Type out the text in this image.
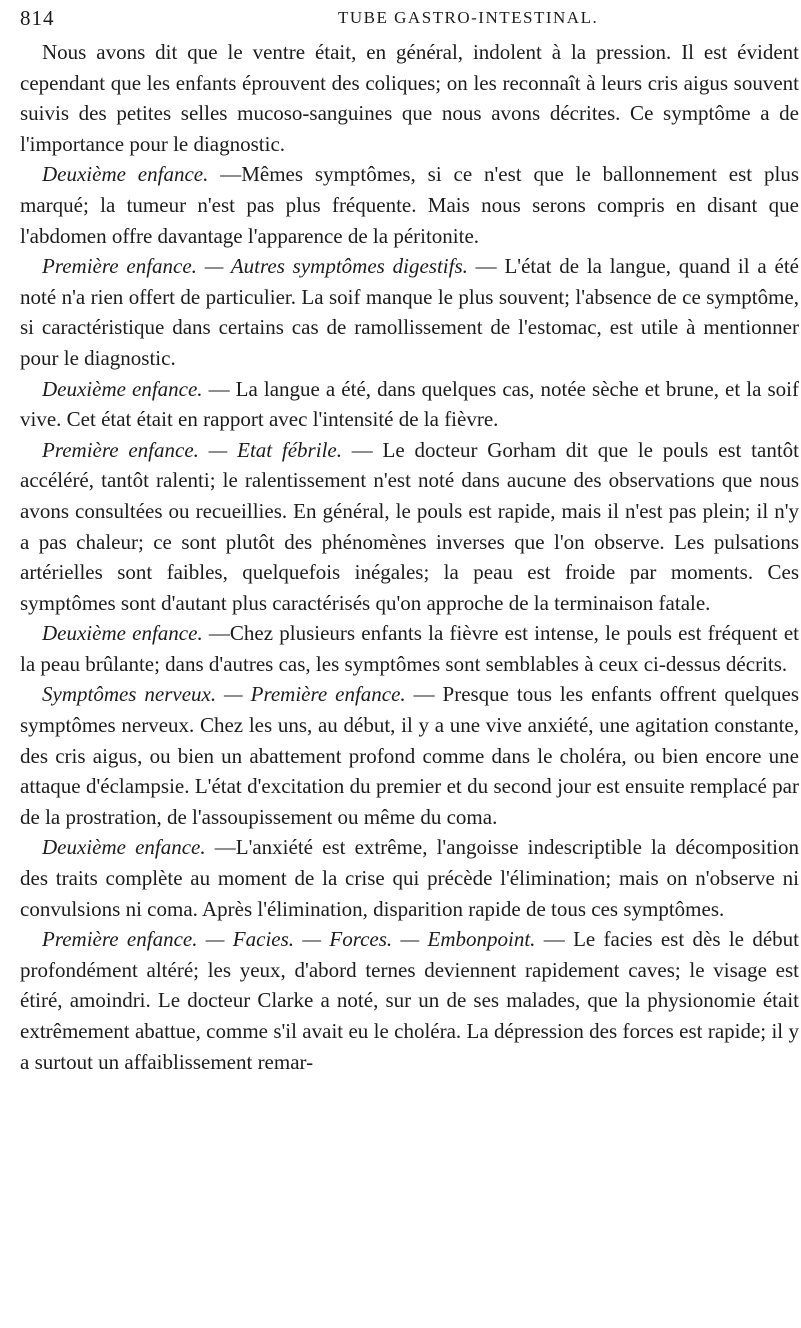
814	TUBE GASTRO-INTESTINAL.

Nous avons dit que le ventre était, en général, indolent à la pression. Il est évident cependant que les enfants éprouvent des coliques; on les reconnaît à leurs cris aigus souvent suivis des petites selles mucoso-sanguines que nous avons décrites. Ce symptôme a de l'importance pour le diagnostic.

Deuxième enfance. —Mêmes symptômes, si ce n'est que le ballonnement est plus marqué; la tumeur n'est pas plus fréquente. Mais nous serons compris en disant que l'abdomen offre davantage l'apparence de la péritonite.

Première enfance. — Autres symptômes digestifs. — L'état de la langue, quand il a été noté n'a rien offert de particulier. La soif manque le plus souvent; l'absence de ce symptôme, si caractéristique dans certains cas de ramollissement de l'estomac, est utile à mentionner pour le diagnostic.

Deuxième enfance. — La langue a été, dans quelques cas, notée sèche et brune, et la soif vive. Cet état était en rapport avec l'intensité de la fièvre.

Première enfance. — Etat fébrile. — Le docteur Gorham dit que le pouls est tantôt accéléré, tantôt ralenti; le ralentissement n'est noté dans aucune des observations que nous avons consultées ou recueillies. En général, le pouls est rapide, mais il n'est pas plein; il n'y a pas chaleur; ce sont plutôt des phénomènes inverses que l'on observe. Les pulsations artérielles sont faibles, quelquefois inégales; la peau est froide par moments. Ces symptômes sont d'autant plus caractérisés qu'on approche de la terminaison fatale.

Deuxième enfance. —Chez plusieurs enfants la fièvre est intense, le pouls est fréquent et la peau brûlante; dans d'autres cas, les symptômes sont semblables à ceux ci-dessus décrits.

Symptômes nerveux. — Première enfance. — Presque tous les enfants offrent quelques symptômes nerveux. Chez les uns, au début, il y a une vive anxiété, une agitation constante, des cris aigus, ou bien un abattement profond comme dans le choléra, ou bien encore une attaque d'éclampsie. L'état d'excitation du premier et du second jour est ensuite remplacé par de la prostration, de l'assoupissement ou même du coma.

Deuxième enfance. —L'anxiété est extrême, l'angoisse indescriptible la décomposition des traits complète au moment de la crise qui précède l'élimination; mais on n'observe ni convulsions ni coma. Après l'élimination, disparition rapide de tous ces symptômes.

Première enfance. — Facies. — Forces. — Embonpoint. — Le facies est dès le début profondément altéré; les yeux, d'abord ternes deviennent rapidement caves; le visage est étiré, amoindri. Le docteur Clarke a noté, sur un de ses malades, que la physionomie était extrêmement abattue, comme s'il avait eu le choléra. La dépression des forces est rapide; il y a surtout un affaiblissement remar-
